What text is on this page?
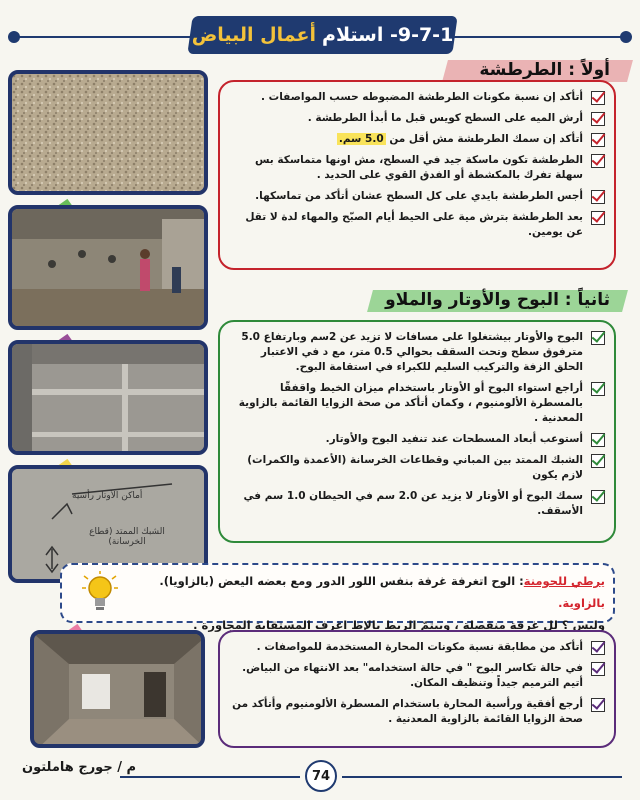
9-7-1- استلام
أعمال البياض
أولاً : الطرطشة
أماكن الأوتار رأسية
الشبك الممتد (قطاع الخرسانة)
أتأكد إن نسبة مكونات الطرطشة المضبوطه حسب المواصفات .
أرش الميه على السطح كويس قبل ما أبدأ الطرطشة .
أتأكد إن سمك الطرطشة مش أقل من 5.0 سم.
الطرطشة تكون ماسكة جيد في السطح، مش اونها متماسكة بس سهلة تفرك بالمكشطة أو الفدق القوي على الحديد .
أجس الطرطشة بايدي على كل السطح عشان أتأكد من تماسكها.
بعد الطرطشة بترش مية على الحيط أيام الصبّح والمهاء لدة لا تقل عن يومين.
ثانياً : البوح والأوتار والملاو
البوح والأوتار بيشتغلوا على مسافات لا تزيد عن 2سم وبارتفاع 5.0 مترفوق سطح وتحت السقف بحوالي 0.5 متر، مع د في الاعتبار الحلق الزفة والتركيب السليم للكبراء في استقامة البوح.
أراجع استواء البوح أو الأوتار باستخدام ميزان الخيط واقفقّا بالمسطرة الألومنيوم ، وكمان أتأكد من صحة الزوايا القائمة بالزاوية المعدنية .
أستوعب أبعاد المسطحات عند تنفيد البوح والأوتار.
الشبك الممتد بين المباني وقطاعات الخرسانة (الأعمدة والكمرات) لازم يكون
سمك البوح أو الأوتار لا يزيد عن 2.0 سم في الحيطان 1.0 سم في الأسقف.
يرطي للحومنة: الوح اتغرفة غرفة بنفس اللور الدور ومع بعضه اليعض (بالزاويا). بالزاوية.
وليس ؟ لل غرفة منفصلة ، وبيتمّ الربط بالإظ اغرف المستقاية المجاورة .
أتأكد من مطابقة نسبة مكونات المحارة المستخدمة للمواصفات .
في حالة تكاسر البوح " في حالة استخدامه" بعد الانتهاء من البياض. أتيم الترميم جيداً وتنظيف المكان.
أرجع أفقية ورأسية المحارة باستخدام المسطرة الألومنيوم وأتأكد من صحة الزوايا القائمة بالزاوية المعدنية .
م / جورج هاملتون
74
